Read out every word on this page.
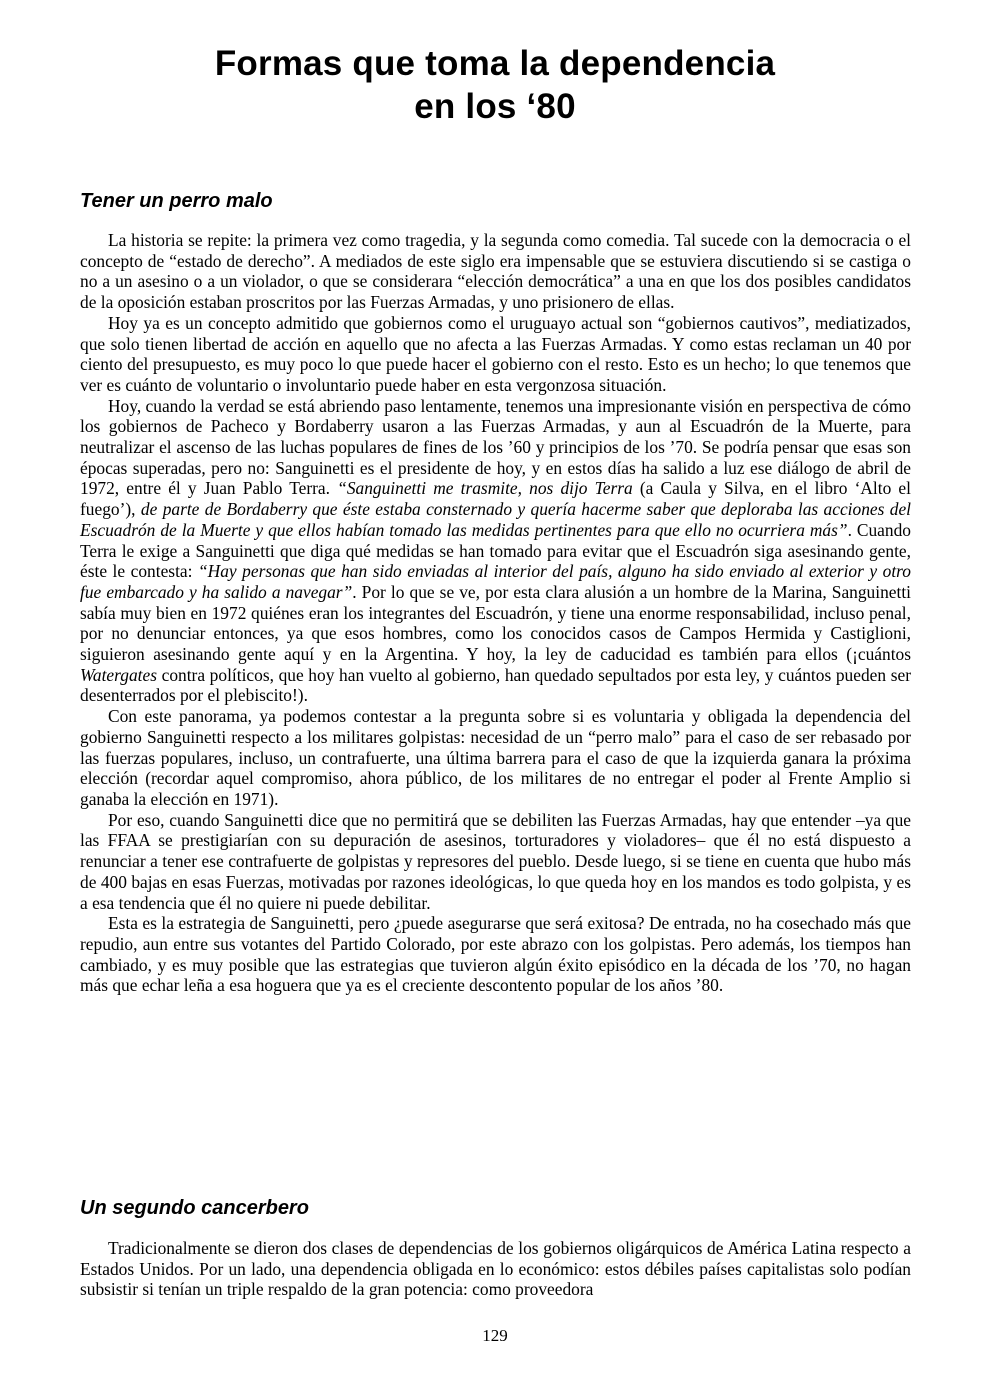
Formas que toma la dependencia
en los ‘80
Tener un perro malo

La historia se repite: la primera vez como tragedia, y la segunda como comedia. Tal sucede con la democracia o el concepto de “estado de derecho”. A mediados de este siglo era impensable que se estuviera discutiendo si se castiga o no a un asesino o a un violador, o que se considerara “elección democrática” a una en que los dos posibles candidatos de la oposición estaban proscritos por las Fuerzas Armadas, y uno prisionero de ellas.

Hoy ya es un concepto admitido que gobiernos como el uruguayo actual son “gobiernos cautivos”, mediatizados, que solo tienen libertad de acción en aquello que no afecta a las Fuerzas Armadas. Y como estas reclaman un 40 por ciento del presupuesto, es muy poco lo que puede hacer el gobierno con el resto. Esto es un hecho; lo que tenemos que ver es cuánto de voluntario o involuntario puede haber en esta vergonzosa situación.

Hoy, cuando la verdad se está abriendo paso lentamente, tenemos una impresionante visión en perspectiva de cómo los gobiernos de Pacheco y Bordaberry usaron a las Fuerzas Armadas, y aun al Escuadrón de la Muerte, para neutralizar el ascenso de las luchas populares de fines de los ’60 y principios de los ’70. Se podría pensar que esas son épocas superadas, pero no: Sanguinetti es el presidente de hoy, y en estos días ha salido a luz ese diálogo de abril de 1972, entre él y Juan Pablo Terra. “Sanguinetti me trasmite, nos dijo Terra (a Caula y Silva, en el libro ‘Alto el fuego’), de parte de Bordaberry que éste estaba consternado y quería hacerme saber que deploraba las acciones del Escuadrón de la Muerte y que ellos habían tomado las medidas pertinentes para que ello no ocurriera más”. Cuando Terra le exige a Sanguinetti que diga qué medidas se han tomado para evitar que el Escuadrón siga asesinando gente, éste le contesta: “Hay personas que han sido enviadas al interior del país, alguno ha sido enviado al exterior y otro fue embarcado y ha salido a navegar”. Por lo que se ve, por esta clara alusión a un hombre de la Marina, Sanguinetti sabía muy bien en 1972 quiénes eran los integrantes del Escuadrón, y tiene una enorme responsabilidad, incluso penal, por no denunciar entonces, ya que esos hombres, como los conocidos casos de Campos Hermida y Castiglioni, siguieron asesinando gente aquí y en la Argentina. Y hoy, la ley de caducidad es también para ellos (¡cuántos Watergates contra políticos, que hoy han vuelto al gobierno, han quedado sepultados por esta ley, y cuántos pueden ser desenterrados por el plebiscito!).

Con este panorama, ya podemos contestar a la pregunta sobre si es voluntaria y obligada la dependencia del gobierno Sanguinetti respecto a los militares golpistas: necesidad de un “perro malo” para el caso de ser rebasado por las fuerzas populares, incluso, un contrafuerte, una última barrera para el caso de que la izquierda ganara la próxima elección (recordar aquel compromiso, ahora público, de los militares de no entregar el poder al Frente Amplio si ganaba la elección en 1971).

Por eso, cuando Sanguinetti dice que no permitirá que se debiliten las Fuerzas Armadas, hay que entender –ya que las FFAA se prestigiarían con su depuración de asesinos, torturadores y violadores– que él no está dispuesto a renunciar a tener ese contrafuerte de golpistas y represores del pueblo. Desde luego, si se tiene en cuenta que hubo más de 400 bajas en esas Fuerzas, motivadas por razones ideológicas, lo que queda hoy en los mandos es todo golpista, y es a esa tendencia que él no quiere ni puede debilitar.

Esta es la estrategia de Sanguinetti, pero ¿puede asegurarse que será exitosa? De entrada, no ha cosechado más que repudio, aun entre sus votantes del Partido Colorado, por este abrazo con los golpistas. Pero además, los tiempos han cambiado, y es muy posible que las estrategias que tuvieron algún éxito episódico en la década de los ’70, no hagan más que echar leña a esa hoguera que ya es el creciente descontento popular de los años ’80.

Un segundo cancerbero

Tradicionalmente se dieron dos clases de dependencias de los gobiernos oligárquicos de América Latina respecto a Estados Unidos. Por un lado, una dependencia obligada en lo económico: estos débiles países capitalistas solo podían subsistir si tenían un triple respaldo de la gran potencia: como proveedora

129
